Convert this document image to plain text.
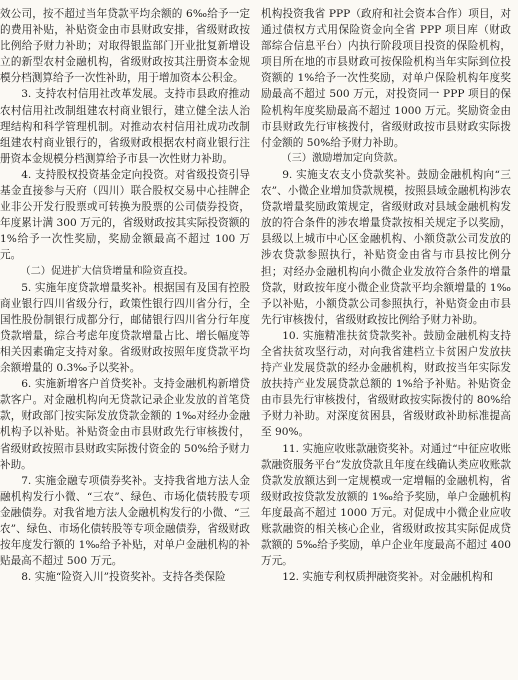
效公司，按不超过当年贷款平均余额的 6‰给予一定的费用补贴，补贴资金由市县财政安排，省级财政按比例给予财力补助；对取得银监部门开业批复新增设立的新型农村金融机构，省级财政按其注册资本金规模分档测算给予一次性补助，用于增加资本公积金。

3. 支持农村信用社改革发展。支持市县政府推动农村信用社改制组建农村商业银行，建立健全法人治理结构和科学管理机制。对推动农村信用社成功改制组建农村商业银行的，省级财政根据农村商业银行注册资本金规模分档测算给予市县一次性财力补助。

4. 支持股权投资基金定向投资。对省级投资引导基金直接参与天府（四川）联合股权交易中心挂牌企业非公开发行股票或可转换为股票的公司债券投资，年度累计满 300 万元的，省级财政按其实际投资额的 1%给予一次性奖励，奖励金额最高不超过 100 万元。

（二）促进扩大信贷增量和险资直投。

5. 实施年度贷款增量奖补。根据国有及国有控股商业银行四川省级分行，政策性银行四川省分行，全国性股份制银行成都分行，邮储银行四川省分行年度贷款增量，综合考虑年度贷款增量占比、增长幅度等相关因素确定支持对象。省级财政按照年度贷款平均余额增量的 0.3‰予以奖补。

6. 实施新增客户首贷奖补。支持金融机构新增贷款客户。对金融机构向无贷款记录企业发放的首笔贷款，财政部门按实际发放贷款金额的 1‰对经办金融机构予以补贴。补贴资金由市县财政先行审核拨付，省级财政按照市县财政实际拨付资金的 50%给予财力补助。

7. 实施金融专项债券奖补。支持我省地方法人金融机构发行小微、“三农”、绿色、市场化债转股专项金融债券。对我省地方法人金融机构发行的小微、“三农”、绿色、市场化债转股等专项金融债券，省级财政按年度发行额的 1‰给予补贴，对单户金融机构的补贴最高不超过 500 万元。

8. 实施“险资入川”投资奖补。支持各类保险

机构投资我省 PPP（政府和社会资本合作）项目，对通过债权方式用保险资金向全省 PPP 项目库（财政部综合信息平台）内执行阶段项目投资的保险机构，项目所在地的市县财政可按保险机构当年实际到位投资额的 1%给予一次性奖励，对单户保险机构年度奖励最高不超过 500 万元，对投资同一 PPP 项目的保险机构年度奖励最高不超过 1000 万元。奖励资金由市县财政先行审核拨付，省级财政按市县财政实际拨付金额的 50%给予财力补助。

（三）激励增加定向贷款。

9. 实施支农支小贷款奖补。鼓励金融机构向“三农”、小微企业增加贷款规模，按照县域金融机构涉农贷款增量奖励政策规定，省级财政对县域金融机构发放的符合条件的涉农增量贷款按相关规定予以奖励，县级以上城市中心区金融机构、小额贷款公司发放的涉农贷款参照执行，补贴资金由省与市县按比例分担；对经办金融机构向小微企业发放符合条件的增量贷款，财政按年度小微企业贷款平均余额增量的 1‰予以补贴，小额贷款公司参照执行，补贴资金由市县先行审核拨付，省级财政按比例给予财力补助。

10. 实施精准扶贫贷款奖补。鼓励金融机构支持全省扶贫攻坚行动，对向我省建档立卡贫困户发放扶持产业发展贷款的经办金融机构，财政按当年实际发放扶持产业发展贷款总额的 1%给予补贴。补贴资金由市县先行审核拨付，省级财政按实际拨付的 80%给予财力补助。对深度贫困县，省级财政补助标准提高至 90%。

11. 实施应收账款融资奖补。对通过“中征应收账款融资服务平台”发放贷款且年度在线确认类应收账款贷款发放额达到一定规模或一定增幅的金融机构，省级财政按贷款发放额的 1‰给予奖励，单户金融机构年度最高不超过 1000 万元。对促成中小微企业应收账款融资的相关核心企业，省级财政按其实际促成贷款额的 5‰给予奖励，单户企业年度最高不超过 400 万元。

12. 实施专利权质押融资奖补。对金融机构和
